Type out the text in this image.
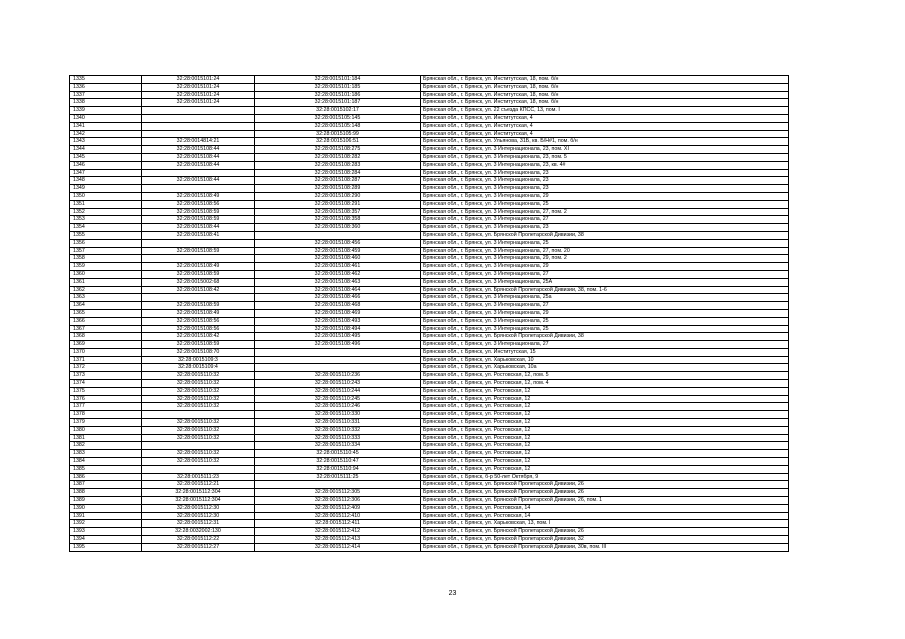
1335	32:28:0015101:24	32:28:0015101:184	Брянская обл., г. Брянск, ул. Институтская, 18, пом. б/н
1336	32:28:0015101:24	32:28:0015101:185	Брянская обл., г. Брянск, ул. Институтская, 18, пом. б/н
1337	32:28:0015101:24	32:28:0015101:186	Брянская обл., г. Брянск, ул. Институтская, 18, пом. б/н
1338	32:28:0015101:24	32:28:0015101:187	Брянская обл., г. Брянск, ул. Институтская, 18, пом. б/н
1339		32:28:0015102:17	Брянская обл., г. Брянск, ул. 22 съезда КПСС, 13, пом. I
1340		32:28:0015105:145	Брянская обл., г. Брянск, ул. Институтская, 4
1341		32:28:0015105:148	Брянская обл., г. Брянск, ул. Институтская, 4
1342		32:28:0015105:99	Брянская обл., г. Брянск, ул. Институтская, 4
1343	32:28:0014814:21	32:28:0015106:51	Брянская обл., г. Брянск, ул. Ульянова, 31Б, кв. Б/Н#1, пом. б/н
1344	32:28:0015108:44	32:28:0015108:275	Брянская обл., г. Брянск, ул. 3 Интернационала, 23, пом. XI
1345	32:28:0015108:44	32:28:0015108:282	Брянская обл., г. Брянск, ул. 3 Интернационала, 23, пом. 5
1346	32:28:0015108:44	32:28:0015108:283	Брянская обл., г. Брянск, ул. 3 Интернационала, 23, кв. 4#
1347		32:28:0015108:284	Брянская обл., г. Брянск, ул. 3 Интернационала, 23
1348	32:28:0015108:44	32:28:0015108:287	Брянская обл., г. Брянск, ул. 3 Интернационала, 23
1349		32:28:0015108:289	Брянская обл., г. Брянск, ул. 3 Интернационала, 23
1350	32:28:0015108:49	32:28:0015108:290	Брянская обл., г. Брянск, ул. 3 Интернационала, 29
1351	32:28:0015108:56	32:28:0015108:291	Брянская обл., г. Брянск, ул. 3 Интернационала, 25
1352	32:28:0015108:59	32:28:0015108:357	Брянская обл., г. Брянск, ул. 3 Интернационала, 27, пом. 2
1353	32:28:0015108:59	32:28:0015108:358	Брянская обл., г. Брянск, ул. 3 Интернационала, 27
1354	32:28:0015108:44	32:28:0015108:360	Брянская обл., г. Брянск, ул. 3 Интернационала, 23
1355	32:28:0015108:41		Брянская обл., г. Брянск, ул. Брянской Пролетарской Дивизии, 38
1356		32:28:0015108:456	Брянская обл., г. Брянск, ул. 3 Интернационала, 25
1357	32:28:0015108:59	32:28:0015108:459	Брянская обл., г. Брянск, ул. 3 Интернационала, 27, пом. 20
1358		32:28:0015108:460	Брянская обл., г. Брянск, ул. 3 Интернационала, 29, пом. 2
1359	32:28:0015108:49	32:28:0015108:461	Брянская обл., г. Брянск, ул. 3 Интернационала, 29
1360	32:28:0015108:59	32:28:0015108:462	Брянская обл., г. Брянск, ул. 3 Интернационала, 27
1361	32:28:0015002:68	32:28:0015108:463	Брянская обл., г. Брянск, ул. 3 Интернационала, 25А
1362	32:28:0015108:42	32:28:0015108:464	Брянская обл., г. Брянск, ул. Брянской Пролетарской Дивизии, 38, пом. 1-6
1363		32:28:0015108:466	Брянская обл., г. Брянск, ул. 3 Интернационала, 25а
1364	32:28:0015108:59	32:28:0015108:468	Брянская обл., г. Брянск, ул. 3 Интернационала, 27
1365	32:28:0015108:49	32:28:0015108:469	Брянская обл., г. Брянск, ул. 3 Интернационала, 29
1366	32:28:0015108:56	32:28:0015108:493	Брянская обл., г. Брянск, ул. 3 Интернационала, 25
1367	32:28:0015108:56	32:28:0015108:494	Брянская обл., г. Брянск, ул. 3 Интернационала, 25
1368	32:28:0015108:42	32:28:0015108:495	Брянская обл., г. Брянск, ул. Брянской Пролетарской Дивизии, 38
1369	32:28:0015108:59	32:28:0015108:496	Брянская обл., г. Брянск, ул. 3 Интернационала, 27
1370	32:28:0015108:70		Брянская обл., г. Брянск, ул. Институтская, 15
1371	32:28:0015109:3		Брянская обл., г. Брянск, ул. Харьковская, 10
1372	32:28:0015109:4		Брянская обл., г. Брянск, ул. Харьковская, 10а
1373	32:28:0015110:32	32:28:0015110:236	Брянская обл., г. Брянск, ул. Ростовская, 12, пом. 5
1374	32:28:0015110:32	32:28:0015110:243	Брянская обл., г. Брянск, ул. Ростовская, 12, пом. 4
1375	32:28:0015110:32	32:28:0015110:244	Брянская обл., г. Брянск, ул. Ростовская, 12
1376	32:28:0015110:32	32:28:0015110:245	Брянская обл., г. Брянск, ул. Ростовская, 12
1377	32:28:0015110:32	32:28:0015110:246	Брянская обл., г. Брянск, ул. Ростовская, 12
1378		32:28:0015110:330	Брянская обл., г. Брянск, ул. Ростовская, 12
1379	32:28:0015110:32	32:28:0015110:331	Брянская обл., г. Брянск, ул. Ростовская, 12
1380	32:28:0015110:32	32:28:0015110:332	Брянская обл., г. Брянск, ул. Ростовская, 12
1381	32:28:0015110:32	32:28:0015110:333	Брянская обл., г. Брянск, ул. Ростовская, 12
1382		32:28:0015110:334	Брянская обл., г. Брянск, ул. Ростовская, 12
1383	32:28:0015110:32	32:28:0015110:45	Брянская обл., г. Брянск, ул. Ростовская, 12
1384	32:28:0015110:32	32:28:0015110:47	Брянская обл., г. Брянск, ул. Ростовская, 12
1385		32:28:0015110:94	Брянская обл., г. Брянск, ул. Ростовская, 12
1386	32:28:0015111:23	32:28:0015111:25	Брянская обл., г. Брянск, б-р 50-лет Октября, 9
1387	32:28:0015112:21		Брянская обл., г. Брянск, ул. Брянской Пролетарской Дивизии, 26
1388	32:28:0015112:304	32:28:0015112:305	Брянская обл., г. Брянск, ул. Брянской Пролетарской Дивизии, 26
1389	32:28:0015112:304	32:28:0015112:306	Брянская обл., г. Брянск, ул. Брянской Пролетарской Дивизии, 26, пом. 1
1390	32:28:0015112:30	32:28:0015112:409	Брянская обл., г. Брянск, ул. Ростовская, 14
1391	32:28:0015112:30	32:28:0015112:410	Брянская обл., г. Брянск, ул. Ростовская, 14
1392	32:28:0015112:31	32:28:0015112:411	Брянская обл., г. Брянск, ул. Харьковская, 13, пом. I
1393	32:28:0032002:130	32:28:0015112:412	Брянская обл., г. Брянск, ул. Брянской Пролетарской Дивизии, 26
1394	32:28:0015112:22	32:28:0015112:413	Брянская обл., г. Брянск, ул. Брянской Пролетарской Дивизии, 32
1395	32:28:0015112:27	32:28:0015112:414	Брянская обл., г. Брянск, ул. Брянской Пролетарской Дивизии, 30в, пом. III
23
